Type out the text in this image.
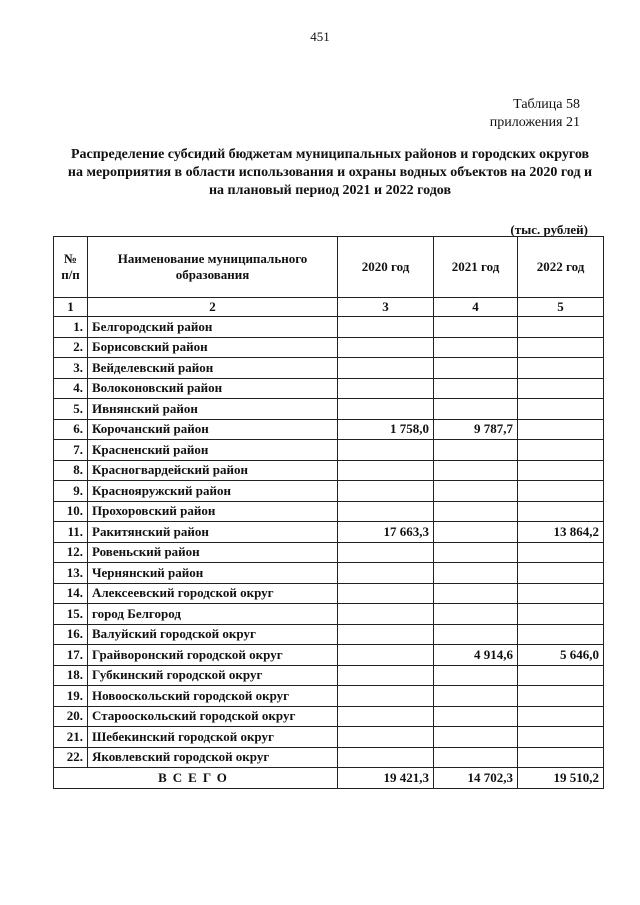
451
Таблица 58
приложения 21
Распределение субсидий бюджетам муниципальных районов и городских округов на мероприятия в области использования и охраны водных объектов на 2020 год и на плановый период 2021 и 2022 годов
(тыс. рублей)
№ п/п	Наименование муниципального образования	2020 год	2021 год	2022 год
1	2	3	4	5
1.	Белгородский район			
2.	Борисовский район			
3.	Вейделевский район			
4.	Волоконовский район			
5.	Ивнянский район			
6.	Корочанский район	1 758,0	9 787,7	
7.	Красненский район			
8.	Красногвардейский район			
9.	Краснояружский район			
10.	Прохоровский район			
11.	Ракитянский район	17 663,3		13 864,2
12.	Ровеньский район			
13.	Чернянский район			
14.	Алексеевский городской округ			
15.	город Белгород			
16.	Валуйский городской округ			
17.	Грайворонский городской округ		4 914,6	5 646,0
18.	Губкинский городской округ			
19.	Новооскольский городской округ			
20.	Старооскольский городской округ			
21.	Шебекинский городской округ			
22.	Яковлевский городской округ			
ВСЕГО		19 421,3	14 702,3	19 510,2
